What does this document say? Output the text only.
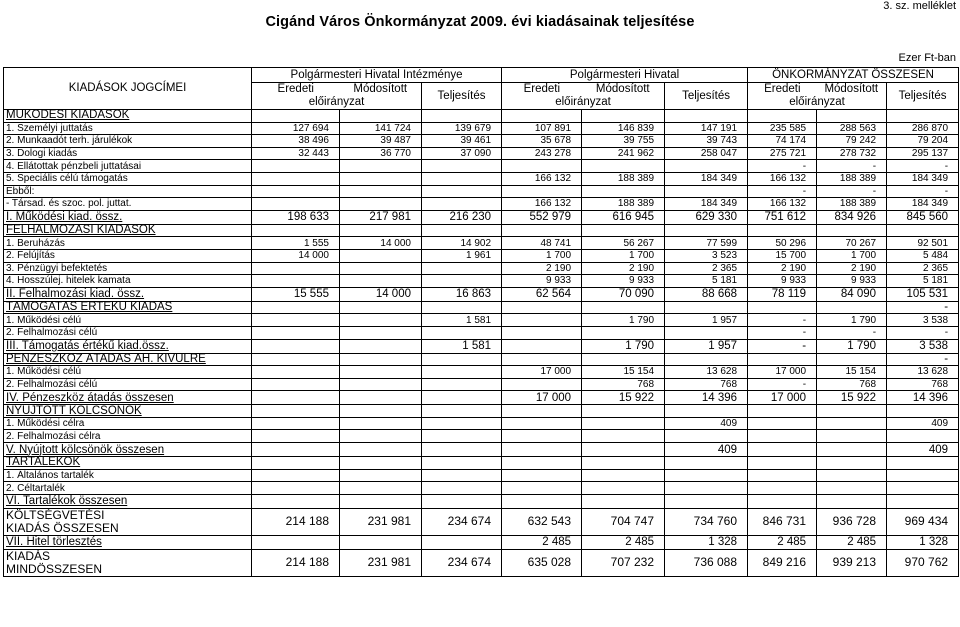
3. sz. melléklet
Cigánd Város Önkormányzat 2009. évi kiadásainak teljesítése
Ezer Ft-ban
KIADÁSOK JOGCÍMEI	Polgármesteri Hivatal Intézménye			Polgármesteri Hivatal			ÖNKORMÁNYZAT ÖSSZESEN		
	Eredeti	Módosított	Teljesítés	Eredeti	Módosított	Teljesítés	Eredeti	Módosított	Teljesítés
	előirányzat			előirányzat			előirányzat		
MŰKÖDÉSI KIADÁSOK									
1. Személyi juttatás	127 694	141 724	139 679	107 891	146 839	147 191	235 585	288 563	286 870
2. Munkaadót terh. járulékok	38 496	39 487	39 461	35 678	39 755	39 743	74 174	79 242	79 204
3. Dologi kiadás	32 443	36 770	37 090	243 278	241 962	258 047	275 721	278 732	295 137
4. Ellátottak pénzbeli juttatásai							-	-	-
5. Speciális célú támogatás				166 132	188 389	184 349	166 132	188 389	184 349
Ebből:							-	-	-
- Társad. és szoc. pol. juttat.				166 132	188 389	184 349	166 132	188 389	184 349
I. Működési kiad. össz.	198 633	217 981	216 230	552 979	616 945	629 330	751 612	834 926	845 560
FELHALMOZÁSI KIADÁSOK									
1. Beruházás	1 555	14 000	14 902	48 741	56 267	77 599	50 296	70 267	92 501
2. Felújítás	14 000		1 961	1 700	1 700	3 523	15 700	1 700	5 484
3. Pénzügyi befektetés				2 190	2 190	2 365	2 190	2 190	2 365
4. Hosszúlej. hitelek kamata				9 933	9 933	5 181	9 933	9 933	5 181
II. Felhalmozási kiad. össz.	15 555	14 000	16 863	62 564	70 090	88 668	78 119	84 090	105 531
TÁMOGATÁS ÉRTÉKŰ KIADÁS									-
1. Működési célú			1 581		1 790	1 957	-	1 790	3 538
2. Felhalmozási célú							-	-	-
III. Támogatás értékű kiad.össz.			1 581		1 790	1 957	-	1 790	3 538
PÉNZESZKÖZ ÁTADÁS ÁH. KIVÜLRE									-
1. Működési célú				17 000	15 154	13 628	17 000	15 154	13 628
2. Felhalmozási célú					768	768	-	768	768
IV. Pénzeszköz átadás összesen				17 000	15 922	14 396	17 000	15 922	14 396
NYÚJTOTT KÖLCSÖNÖK									
1. Működési célra						409			409
2. Felhalmozási célra									
V. Nyújtott kölcsönök összesen						409			409
TARTALÉKOK									
1. Általános tartalék									
2. Céltartalék									
VI. Tartalékok összesen									

KÖLTSÉGVETÉSI
KIADÁS ÖSSZESEN	214 188	231 981	234 674	632 543	704 747	734 760	846 731	936 728	969 434
VII. Hitel törlesztés				2 485	2 485	1 328	2 485	2 485	1 328

KIADÁS
MINDÖSSZESEN	214 188	231 981	234 674	635 028	707 232	736 088	849 216	939 213	970 762
